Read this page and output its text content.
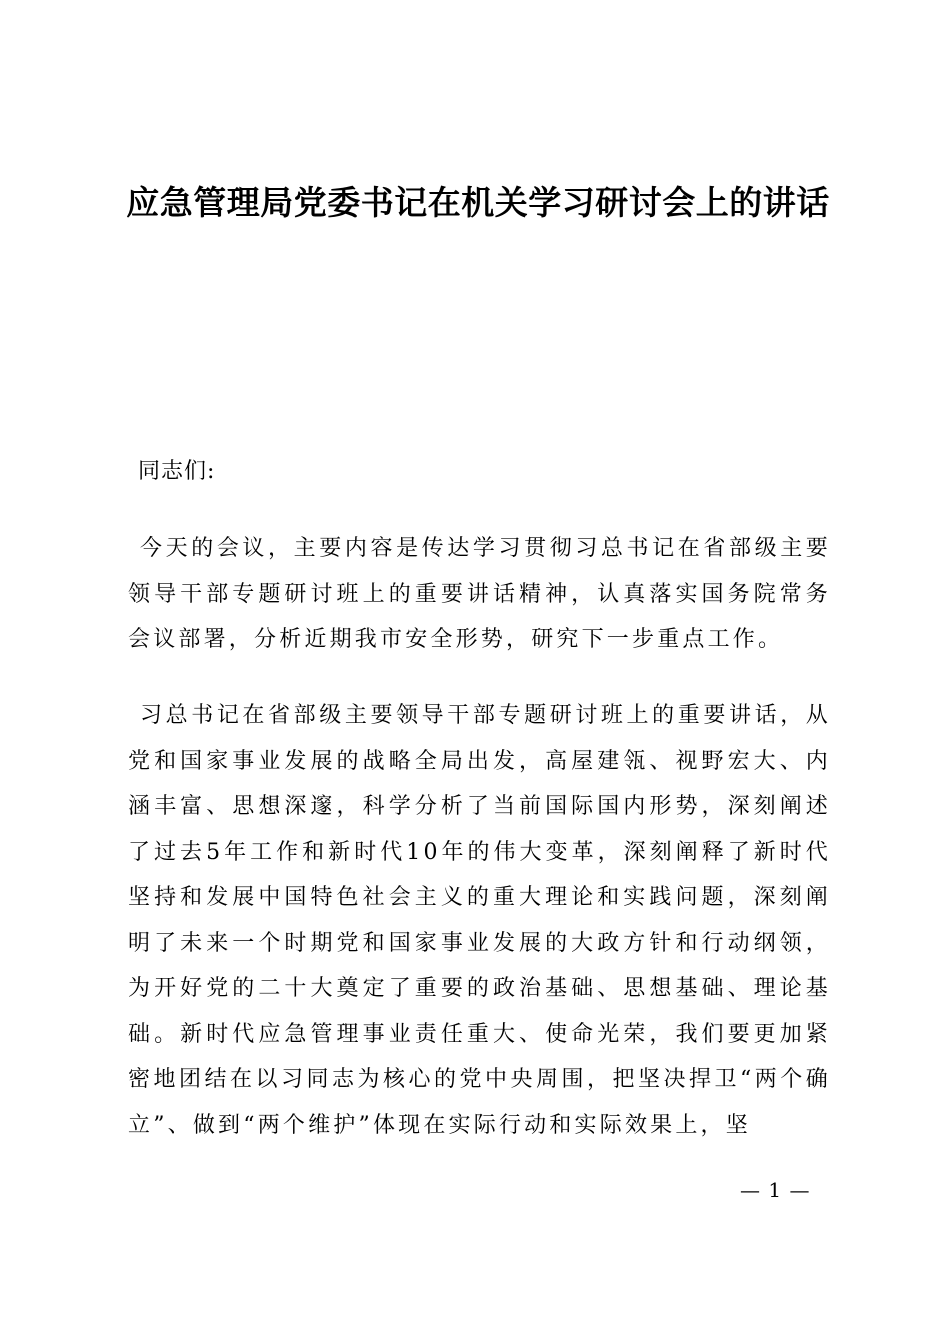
应急管理局党委书记在机关学习研讨会上的讲话

同志们:

今天的会议，主要内容是传达学习贯彻习总书记在省部级主要领导干部专题研讨班上的重要讲话精神，认真落实国务院常务会议部署，分析近期我市安全形势，研究下一步重点工作。

习总书记在省部级主要领导干部专题研讨班上的重要讲话，从党和国家事业发展的战略全局出发，高屋建瓴、视野宏大、内涵丰富、思想深邃，科学分析了当前国际国内形势，深刻阐述了过去5年工作和新时代10年的伟大变革，深刻阐释了新时代坚持和发展中国特色社会主义的重大理论和实践问题，深刻阐明了未来一个时期党和国家事业发展的大政方针和行动纲领，为开好党的二十大奠定了重要的政治基础、思想基础、理论基础。新时代应急管理事业责任重大、使命光荣，我们要更加紧密地团结在以习同志为核心的党中央周围，把坚决捍卫“两个确立”、做到“两个维护”体现在实际行动和实际效果上，坚

— 1 —
